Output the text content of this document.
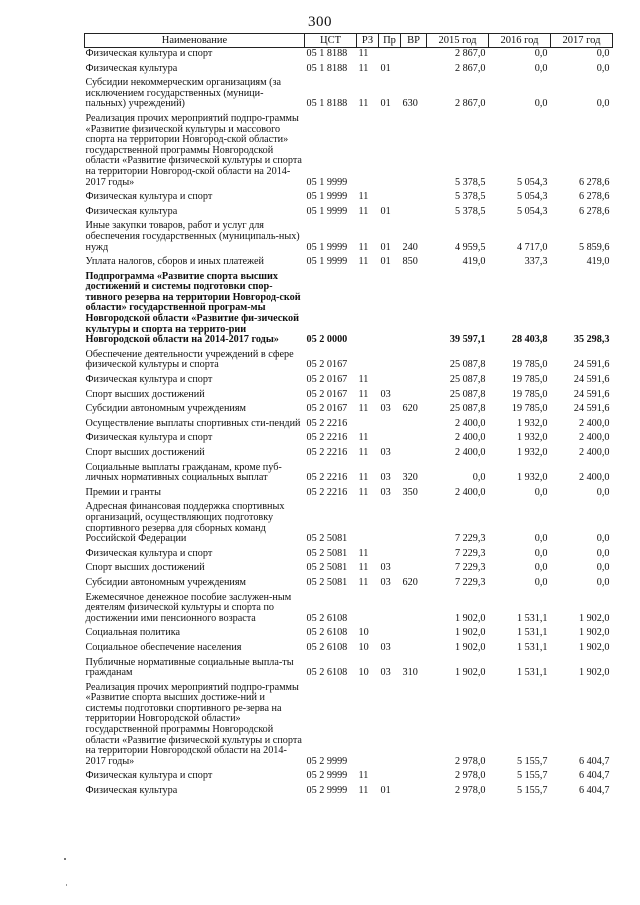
300
Наименование	ЦСТ	РЗ	Пр	ВР	2015 год	2016 год	2017 год
Физическая культура и спорт	05 1 8188	11			2 867,0	0,0	0,0
Физическая культура	05 1 8188	11	01		2 867,0	0,0	0,0
Субсидии некоммерческим организациям (за исключением государственных (муници-пальных) учреждений)	05 1 8188	11	01	630	2 867,0	0,0	0,0
Реализация прочих мероприятий подпро-граммы «Развитие физической культуры и массового спорта на территории Новгород-ской области» государственной программы Новгородской области «Развитие физической культуры и спорта на территории Новгород-ской области на 2014-2017 годы»	05 1 9999				5 378,5	5 054,3	6 278,6
Физическая культура и спорт	05 1 9999	11			5 378,5	5 054,3	6 278,6
Физическая культура	05 1 9999	11	01		5 378,5	5 054,3	6 278,6
Иные закупки товаров, работ и услуг для обеспечения государственных (муниципаль-ных) нужд	05 1 9999	11	01	240	4 959,5	4 717,0	5 859,6
Уплата налогов, сборов и иных платежей	05 1 9999	11	01	850	419,0	337,3	419,0
Подпрограмма «Развитие спорта высших достижений и системы подготовки спор-тивного резерва на территории Новгород-ской области» государственной програм-мы Новгородской области «Развитие фи-зической культуры и спорта на террито-рии Новгородской области на 2014-2017 годы»	05 2 0000				39 597,1	28 403,8	35 298,3
Обеспечение деятельности учреждений в сфере физической культуры и спорта	05 2 0167				25 087,8	19 785,0	24 591,6
Физическая культура и спорт	05 2 0167	11			25 087,8	19 785,0	24 591,6
Спорт высших достижений	05 2 0167	11	03		25 087,8	19 785,0	24 591,6
Субсидии автономным учреждениям	05 2 0167	11	03	620	25 087,8	19 785,0	24 591,6
Осуществление выплаты спортивных сти-пендий	05 2 2216				2 400,0	1 932,0	2 400,0
Физическая культура и спорт	05 2 2216	11			2 400,0	1 932,0	2 400,0
Спорт высших достижений	05 2 2216	11	03		2 400,0	1 932,0	2 400,0
Социальные выплаты гражданам, кроме пуб-личных нормативных социальных выплат	05 2 2216	11	03	320	0,0	1 932,0	2 400,0
Премии и гранты	05 2 2216	11	03	350	2 400,0	0,0	0,0
Адресная финансовая поддержка спортивных организаций, осуществляющих подготовку спортивного резерва для сборных команд Российской Федерации	05 2 5081				7 229,3	0,0	0,0
Физическая культура и спорт	05 2 5081	11			7 229,3	0,0	0,0
Спорт высших достижений	05 2 5081	11	03		7 229,3	0,0	0,0
Субсидии автономным учреждениям	05 2 5081	11	03	620	7 229,3	0,0	0,0
Ежемесячное денежное пособие заслужен-ным деятелям физической культуры и спорта по достижении ими пенсионного возраста	05 2 6108				1 902,0	1 531,1	1 902,0
Социальная политика	05 2 6108	10			1 902,0	1 531,1	1 902,0
Социальное обеспечение населения	05 2 6108	10	03		1 902,0	1 531,1	1 902,0
Публичные нормативные социальные выпла-ты гражданам	05 2 6108	10	03	310	1 902,0	1 531,1	1 902,0
Реализация прочих мероприятий подпро-граммы «Развитие спорта высших достиже-ний и системы подготовки спортивного ре-зерва на территории Новгородской области» государственной программы Новгородской области «Развитие физической культуры и спорта на территории Новгородской области на 2014-2017 годы»	05 2 9999				2 978,0	5 155,7	6 404,7
Физическая культура и спорт	05 2 9999	11			2 978,0	5 155,7	6 404,7
Физическая культура	05 2 9999	11	01		2 978,0	5 155,7	6 404,7
